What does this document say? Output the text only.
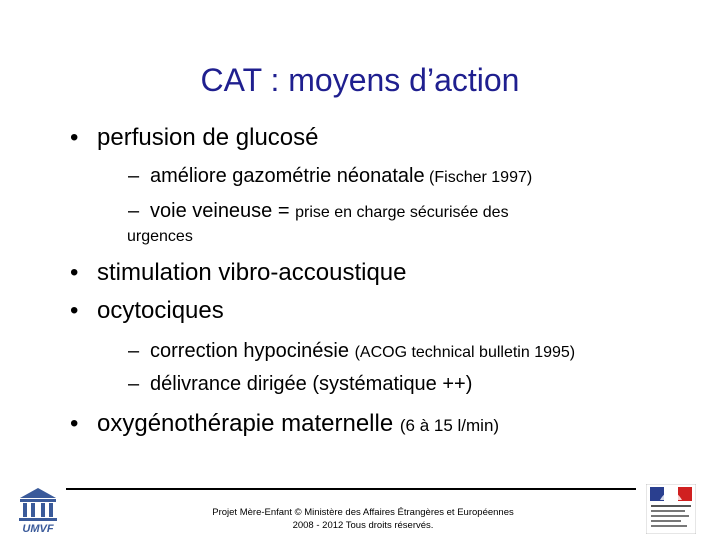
CAT : moyens d’action
• perfusion de glucosé
– améliore gazométrie néonatale (Fischer 1997)
– voie veineuse = prise en charge sécurisée des
urgences
• stimulation vibro-accoustique
• ocytociques
– correction hypocinésie (ACOG technical bulletin 1995)
– délivrance dirigée (systématique ++)
• oxygénothérapie maternelle (6 à 15 l/min)
UMVF
Projet Mère-Enfant © Ministère des Affaires Étrangères et Européennes
2008 - 2012 Tous droits réservés.
